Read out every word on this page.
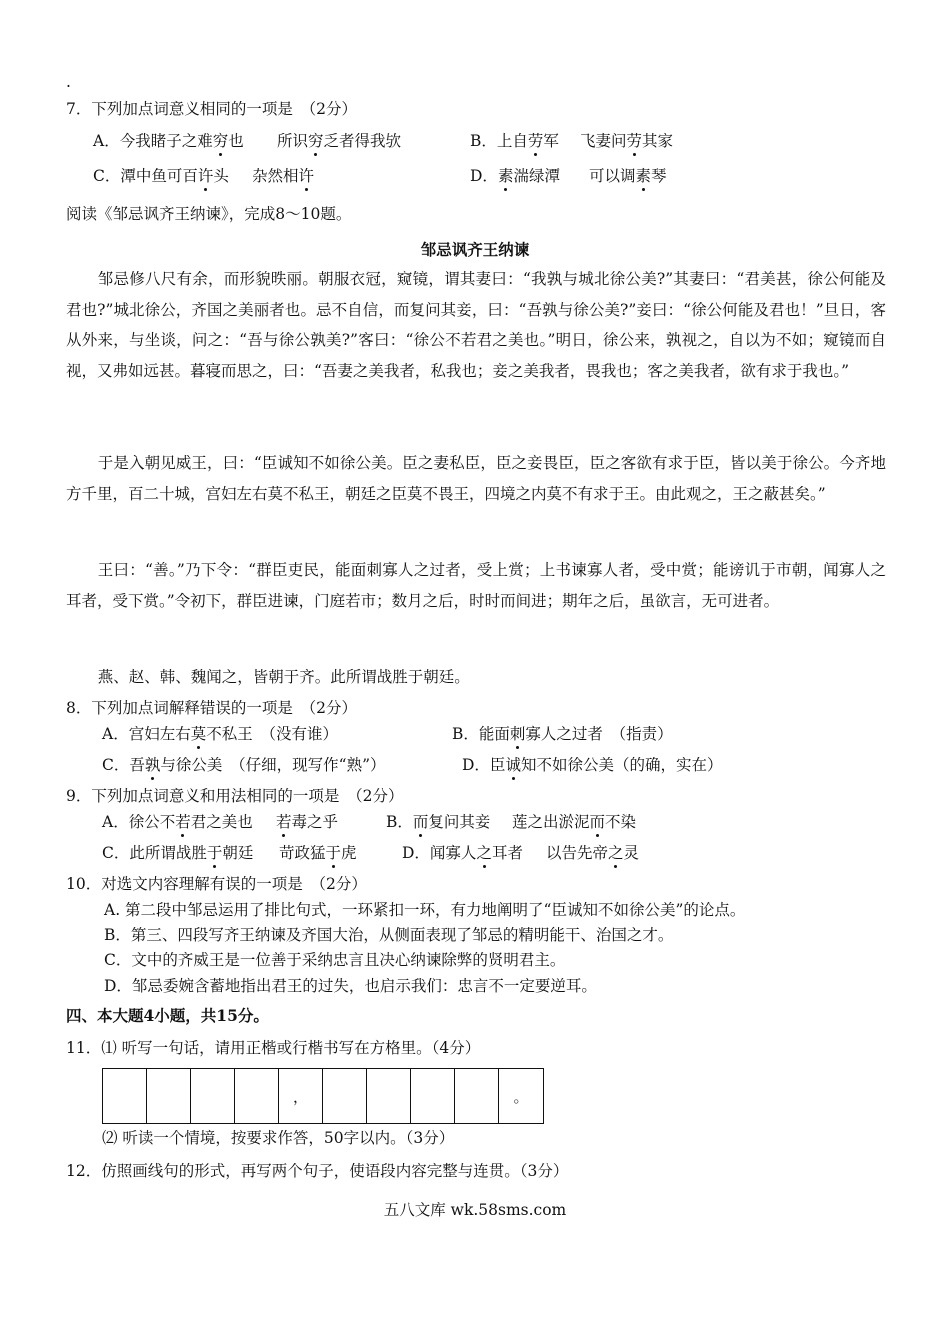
.
7．下列加点词意义相同的一项是　（2分）
A．今我睹子之难穷也 所识穷乏者得我欤	B．上自劳军 飞妻问劳其家
C．潭中鱼可百许头 杂然相许	D．素湍绿潭 可以调素琴
阅读《邹忌讽齐王纳谏》，完成8～10题。
邹忌讽齐王纳谏

邹忌修八尺有余，而形貌昳丽。朝服衣冠，窥镜，谓其妻曰：“我孰与城北徐公美?”其妻曰：“君美甚，徐公何能及君也?”城北徐公，齐国之美丽者也。忌不自信，而复问其妾，曰：“吾孰与徐公美?”妾曰：“徐公何能及君也！”旦日，客从外来，与坐谈，问之：“吾与徐公孰美?”客曰：“徐公不若君之美也。”明日，徐公来，孰视之，自以为不如；窥镜而自视，又弗如远甚。暮寝而思之，曰：“吾妻之美我者，私我也；妾之美我者，畏我也；客之美我者，欲有求于我也。”

于是入朝见威王，曰：“臣诚知不如徐公美。臣之妻私臣，臣之妾畏臣，臣之客欲有求于臣，皆以美于徐公。今齐地方千里，百二十城，宫妇左右莫不私王，朝廷之臣莫不畏王，四境之内莫不有求于王。由此观之，王之蔽甚矣。”

王曰：“善。”乃下令：“群臣吏民，能面刺寡人之过者，受上赏；上书谏寡人者，受中赏；能谤讥于市朝，闻寡人之耳者，受下赏。”令初下，群臣进谏，门庭若市；数月之后，时时而间进；期年之后，虽欲言，无可进者。

燕、赵、韩、魏闻之，皆朝于齐。此所谓战胜于朝廷。

8．下列加点词解释错误的一项是　（2分）
A．宫妇左右莫不私王　（没有谁）	B．能面刺寡人之过者　（指责）
C．吾孰与徐公美　（仔细，现写作“熟”）	D．臣诚知不如徐公美（的确，实在）
9．下列加点词意义和用法相同的一项是　（2分）
A．徐公不若君之美也 若毒之乎	B．而复问其妾 莲之出淤泥而不染
C．此所谓战胜于朝廷 苛政猛于虎	D．闻寡人之耳者 以告先帝之灵
10．对选文内容理解有误的一项是　（2分）
A. 第二段中邹忌运用了排比句式，一环紧扣一环，有力地阐明了“臣诚知不如徐公美”的论点。
B．第三、四段写齐王纳谏及齐国大治，从侧面表现了邹忌的精明能干、治国之才。
C．文中的齐威王是一位善于采纳忠言且决心纳谏除弊的贤明君主。
D．邹忌委婉含蓄地指出君王的过失，也启示我们：忠言不一定要逆耳。
四、本大题4小题，共15分。
11．⑴ 听写一句话，请用正楷或行楷书写在方格里。（4分）
，	。
⑵ 听读一个情境，按要求作答，50字以内。（3分）
12．仿照画线句的形式，再写两个句子，使语段内容完整与连贯。（3分）
五八文库 wk.58sms.com
